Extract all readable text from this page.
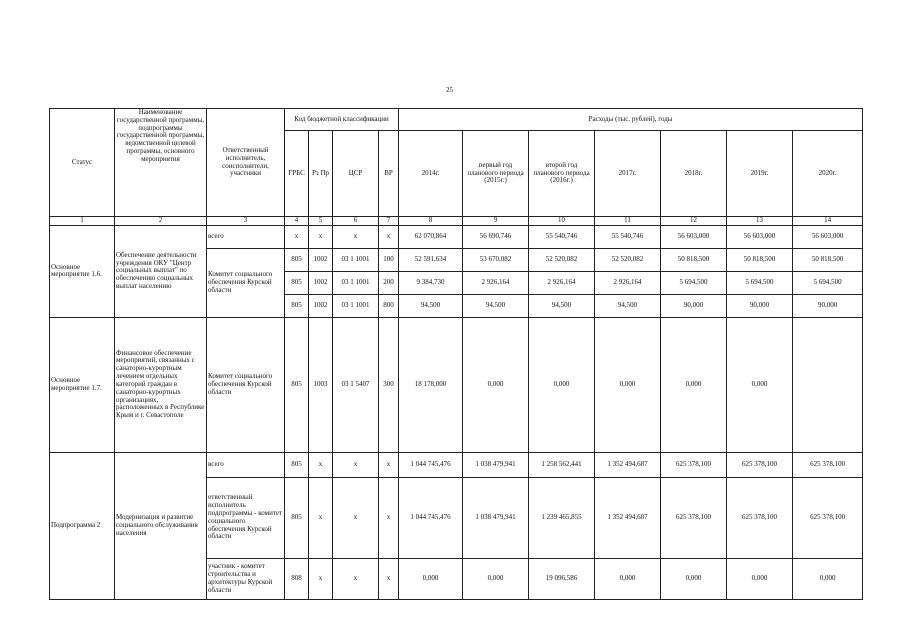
25
Статус	Наименование государственной программы, подпрограммы государственной программы, ведомственной целевой программы, основного мероприятия	Ответственный исполнитель, соисполнители, участники	Код бюджетной классификации				Расходы (тыс. рублей), годы						
			ГРБС	Рз Пр	ЦСР	ВР	2014г.	первый год планового периода (2015г.)	второй год планового периода (2016г.)	2017г.	2018г.	2019г.	2020г.
1	2	3	4	5	6	7	8	9	10	11	12	13	14
Основное мероприятие 1.6.	Обеспечение деятельности учреждения ОКУ "Центр социальных выплат" по обеспечению социальных выплат населению	всего	x	x	x	x	62 070,864	56 690,746	55 540,746	55 540,746	56 603,000	56 603,000	56 603,000
		Комитет социального обеспечения Курской области	805	1002	03 1 1001	100	52 591,634	53 670,082	52 520,082	52 520,082	50 818,500	50 818,500	50 818,500
			805	1002	03 1 1001	200	9 384,730	2 926,164	2 926,164	2 926,164	5 694,500	5 694,500	5 694,500
			805	1002	03 1 1001	800	94,500	94,500	94,500	94,500	90,000	90,000	90,000
Основное мероприятие 1.7.	Финансовое обеспечение мероприятий, связанных с санаторно-курортным лечением отдельных категорий граждан в санаторно-курортных организациях, расположенных в Республике Крым и г. Севастополе	Комитет социального обеспечения Курской области	805	1003	03 1 5407	300	18 178,000	0,000	0,000	0,000	0,000	0,000	
Подпрограмма 2	Модернизация и развитие социального обслуживания населения	всего	805	x	x	x	1 044 745,476	1 038 479,941	1 258 562,441	1 352 494,687	625 378,100	625 378,100	625 378,100
		ответственный исполнитель подпрограммы - комитет социального обеспечения Курской области	805	x	x	x	1 044 745,476	1 038 479,941	1 239 465,855	1 352 494,687	625 378,100	625 378,100	625 378,100
		участник - комитет строительства и архитектуры Курской области	808	x	x	x	0,000	0,000	19 096,586	0,000	0,000	0,000	0,000
